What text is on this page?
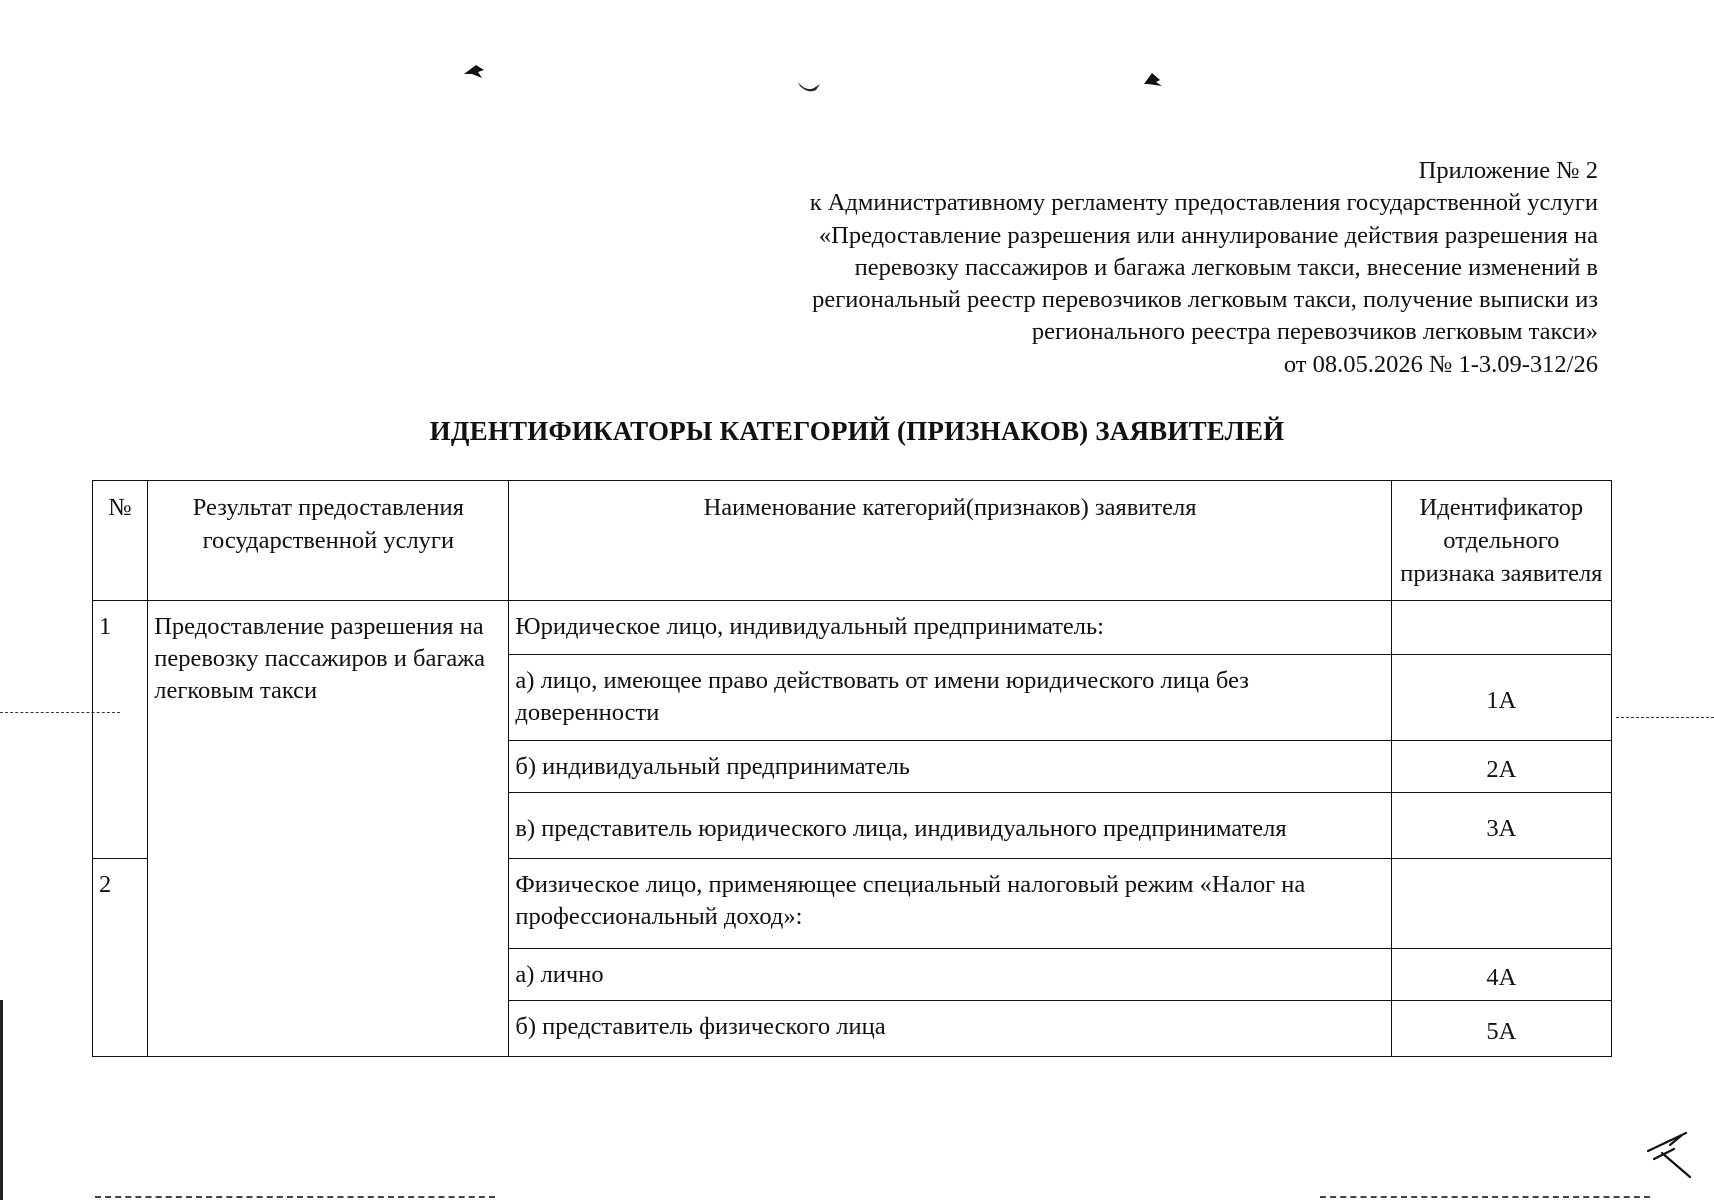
Приложение № 2
к Административному регламенту предоставления государственной услуги
«Предоставление разрешения или аннулирование действия разрешения на
перевозку пассажиров и багажа легковым такси, внесение изменений в
региональный реестр перевозчиков легковым такси, получение выписки из
регионального реестра перевозчиков легковым такси»
от 08.05.2026 № 1-3.09-312/26
ИДЕНТИФИКАТОРЫ КАТЕГОРИЙ (ПРИЗНАКОВ) ЗАЯВИТЕЛЕЙ
№	Результат предоставления государственной услуги	Наименование категорий(признаков) заявителя	Идентификатор отдельного признака заявителя
1	Предоставление разрешения на перевозку пассажиров и багажа легковым такси	Юридическое лицо, индивидуальный предприниматель:	
		а) лицо, имеющее право действовать от имени юридического лица без доверенности	1А
		б) индивидуальный предприниматель	2А
		в) представитель юридического лица, индивидуального предпринимателя	3А
2		Физическое лицо, применяющее специальный налоговый режим «Налог на профессиональный доход»:	
		а) лично	4А
		б) представитель физического лица	5А
